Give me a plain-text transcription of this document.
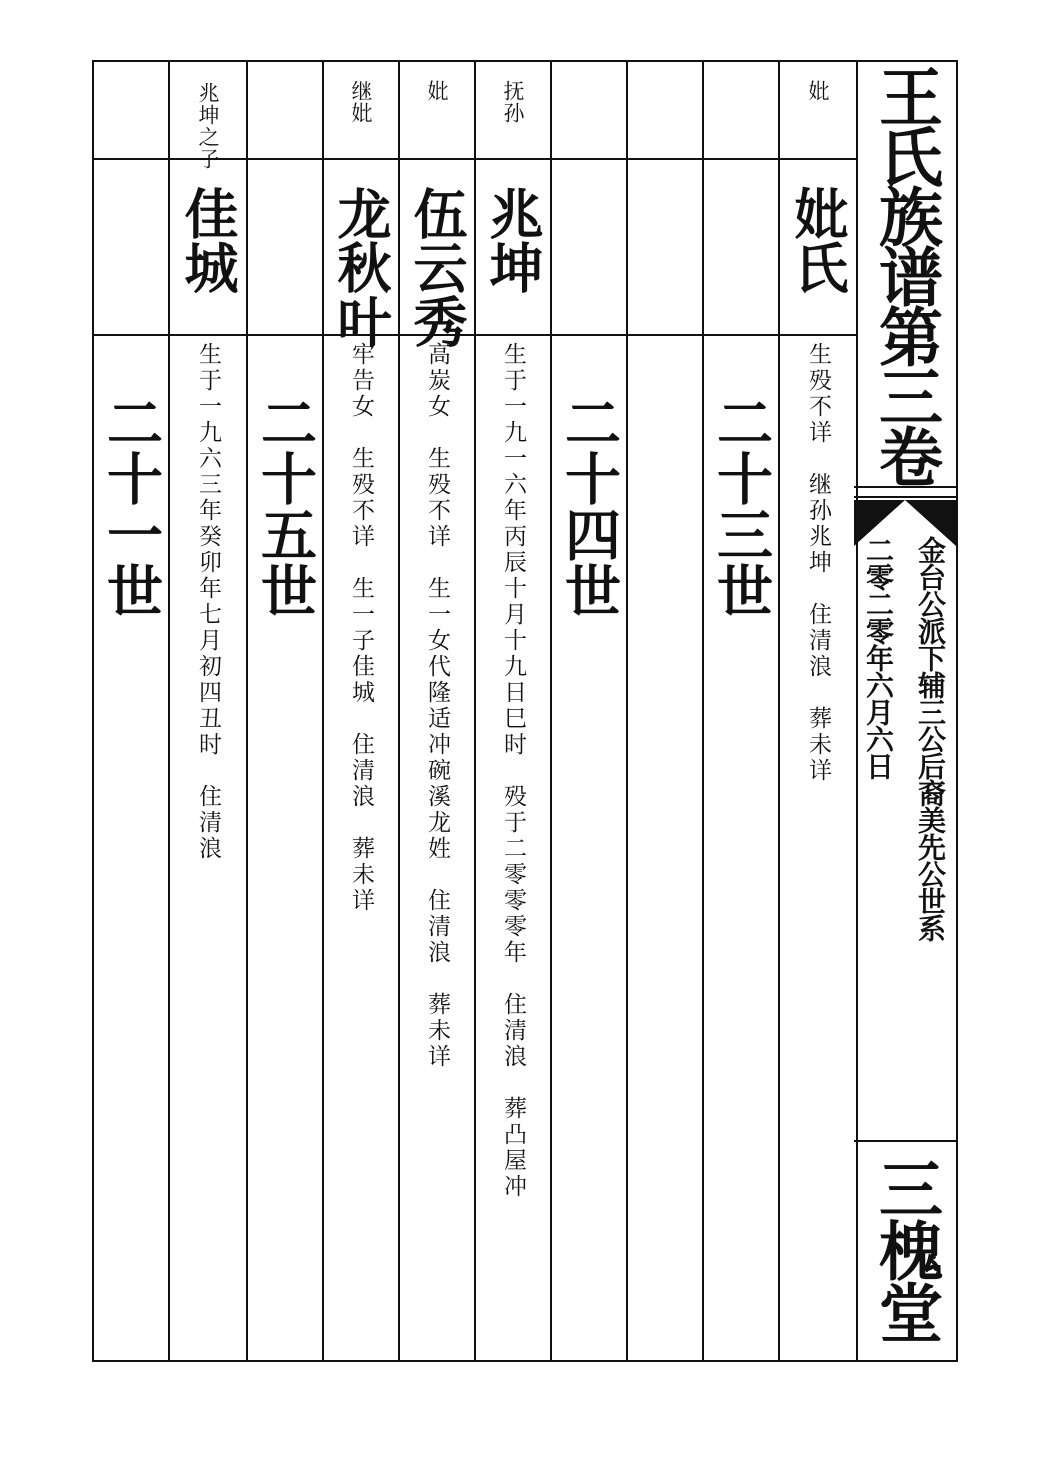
妣
妣氏
生殁不详　继孙兆坤　住清浪　葬未详
二十三世
二十四世
抚孙
兆坤
生于一九一六年丙辰十月十九日巳时　殁于二零零零年　住清浪　葬凸屋冲
妣
伍云秀
高炭女　生殁不详　生一女代隆适冲碗溪龙姓　住清浪　葬未详
继妣
龙秋叶
牢告女　生殁不详　生一子佳城　住清浪　葬未详
二十五世
兆坤之子
佳城
生于一九六三年癸卯年七月初四丑时　住清浪
二十一世
王氏族谱第三卷
金台公派下辅三公后裔美先公世系
二零二零年六月六日
三槐堂
